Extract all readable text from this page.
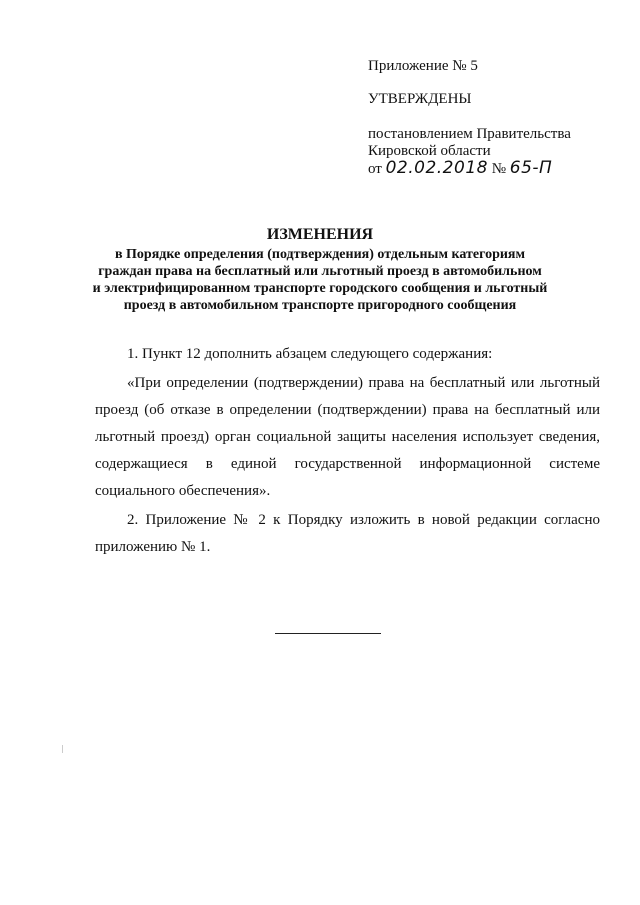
Приложение № 5
УТВЕРЖДЕНЫ
постановлением Правительства
Кировской области
от 02.02.2018 № 65-П

ИЗМЕНЕНИЯ

в Порядке определения (подтверждения) отдельным категориям
граждан права на бесплатный или льготный проезд в автомобильном
и электрифицированном транспорте городского сообщения и льготный
проезд в автомобильном транспорте пригородного сообщения

1. Пункт 12 дополнить абзацем следующего содержания:

«При определении (подтверждении) права на бесплатный или льготный проезд (об отказе в определении (подтверждении) права на бесплатный или льготный проезд) орган социальной защиты населения использует сведения, содержащиеся в единой государственной информационной системе социального обеспечения».

2. Приложение № 2 к Порядку изложить в новой редакции согласно приложению № 1.
